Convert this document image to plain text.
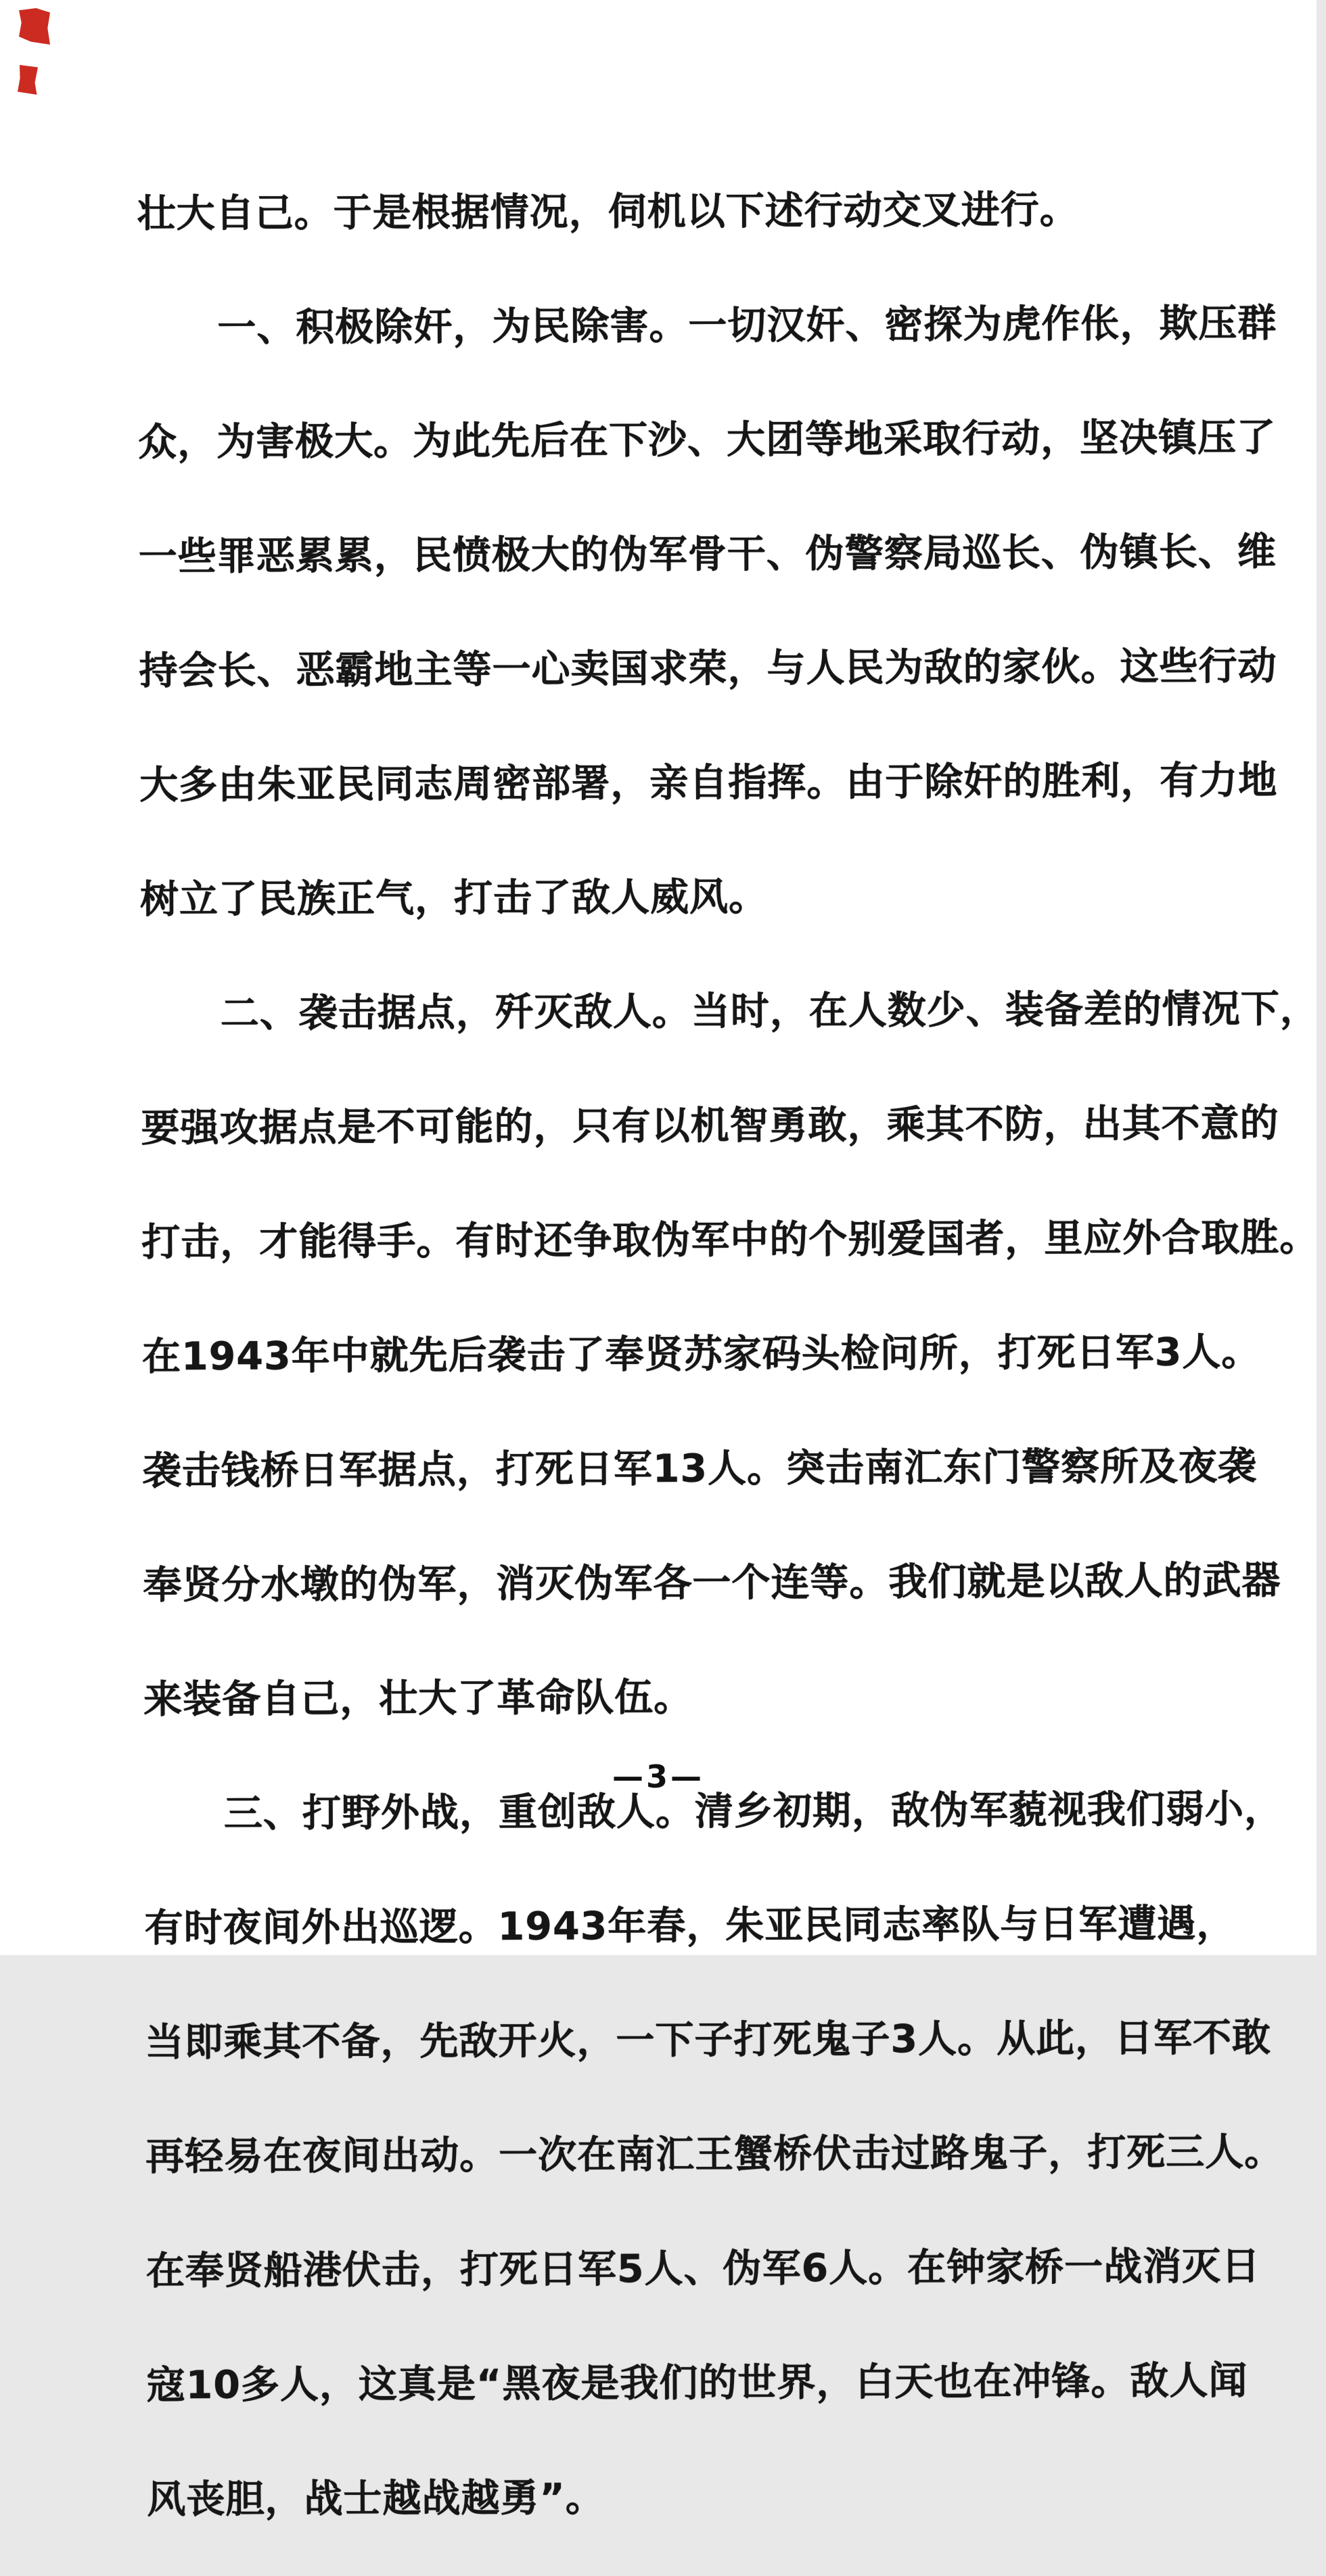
壮大自己。于是根据情况，伺机以下述行动交叉进行。

一、积极除奸，为民除害。一切汉奸、密探为虎作伥，欺压群

众，为害极大。为此先后在下沙、大团等地采取行动，坚决镇压了

一些罪恶累累，民愤极大的伪军骨干、伪警察局巡长、伪镇长、维

持会长、恶霸地主等一心卖国求荣，与人民为敌的家伙。这些行动

大多由朱亚民同志周密部署，亲自指挥。由于除奸的胜利，有力地

树立了民族正气，打击了敌人威风。

二、袭击据点，歼灭敌人。当时，在人数少、装备差的情况下，

要强攻据点是不可能的，只有以机智勇敢，乘其不防，出其不意的

打击，才能得手。有时还争取伪军中的个别爱国者，里应外合取胜。

在1943年中就先后袭击了奉贤苏家码头检问所，打死日军3人。

袭击钱桥日军据点，打死日军13人。突击南汇东门警察所及夜袭

奉贤分水墩的伪军，消灭伪军各一个连等。我们就是以敌人的武器

来装备自己，壮大了革命队伍。

三、打野外战，重创敌人。清乡初期，敌伪军藐视我们弱小，

有时夜间外出巡逻。1943年春，朱亚民同志率队与日军遭遇，

当即乘其不备，先敌开火，一下子打死鬼子3人。从此，日军不敢

再轻易在夜间出动。一次在南汇王蟹桥伏击过路鬼子，打死三人。

在奉贤船港伏击，打死日军5人、伪军6人。在钟家桥一战消灭日

寇10多人，这真是“黑夜是我们的世界，白天也在冲锋。敌人闻

风丧胆，战士越战越勇”。

—3—
